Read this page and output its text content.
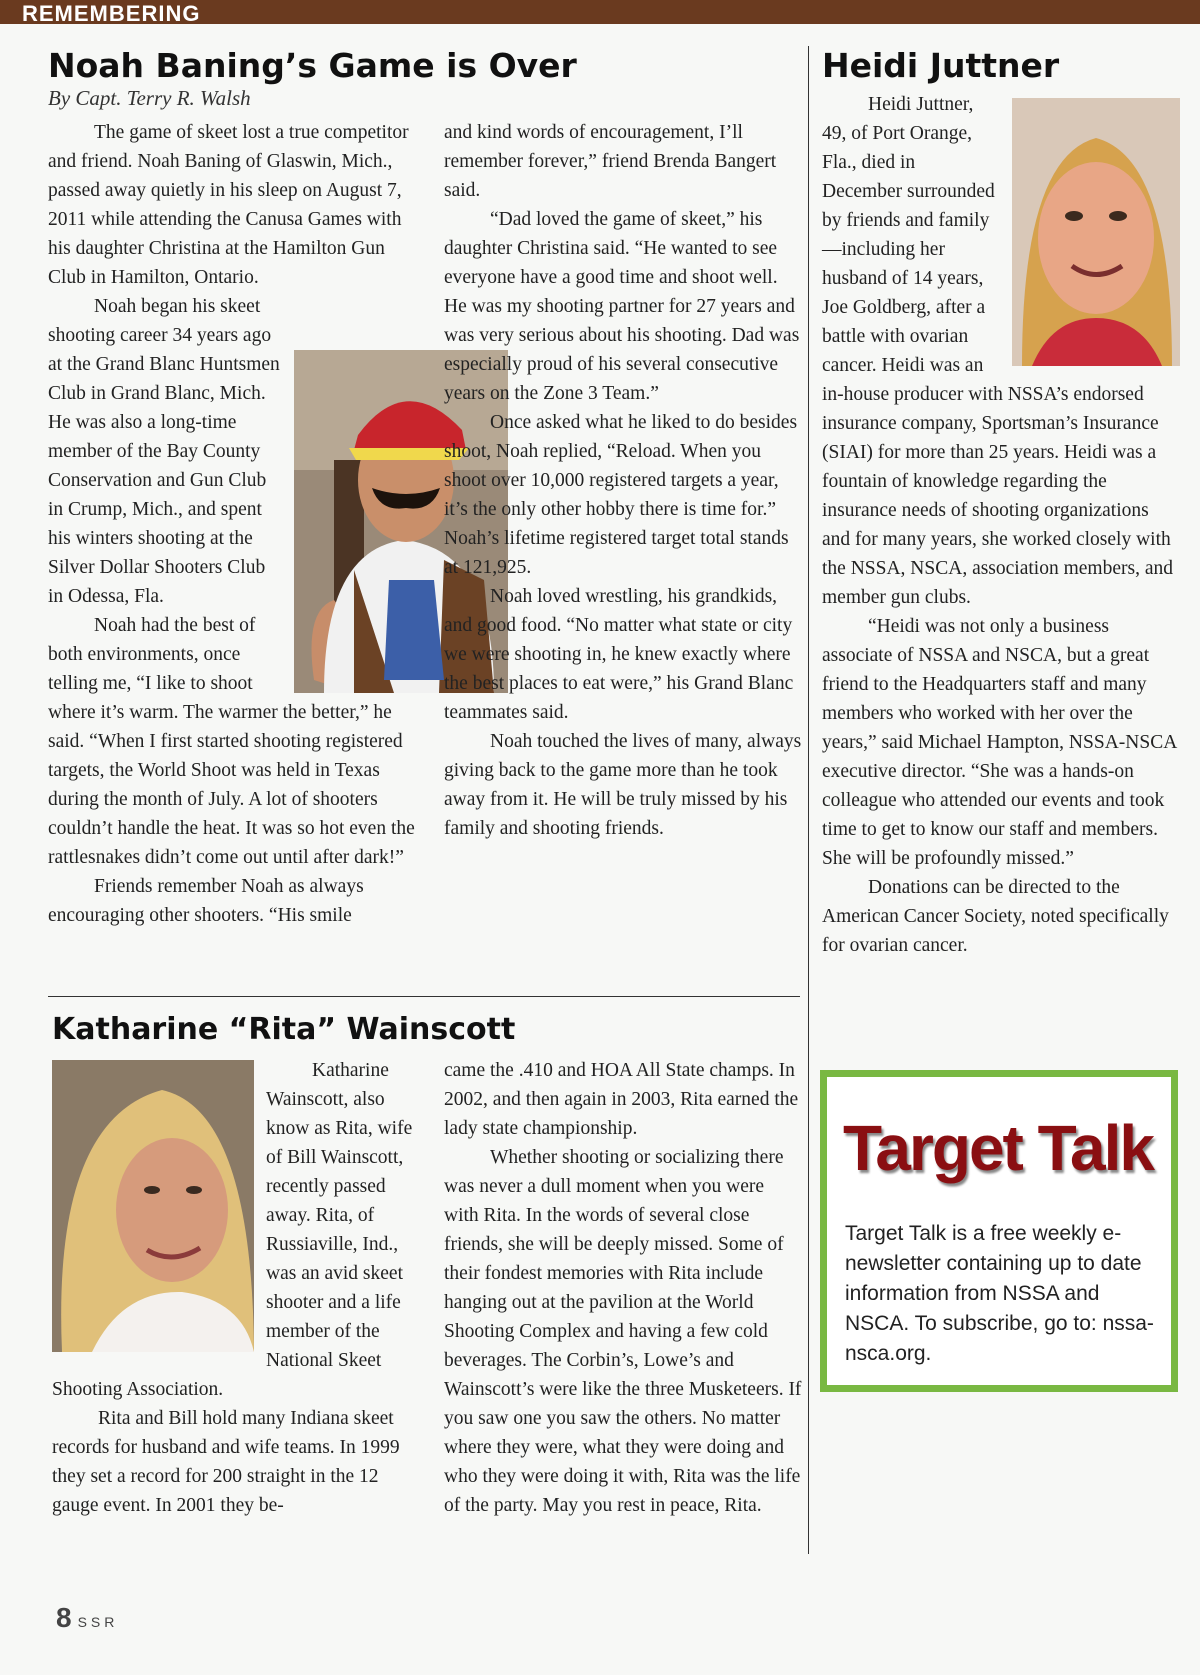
REMEMBERING
Noah Baning’s Game is Over
By Capt. Terry R. Walsh

The game of skeet lost a true competitor and friend. Noah Baning of Glaswin, Mich., passed away quietly in his sleep on August 7, 2011 while attending the Canusa Games with his daughter Christina at the Hamilton Gun Club in Hamilton, Ontario.

Noah began his skeet shooting career 34 years ago at the Grand Blanc Huntsmen Club in Grand Blanc, Mich. He was also a long-time member of the Bay County Conservation and Gun Club in Crump, Mich., and spent his winters shooting at the Silver Dollar Shooters Club in Odessa, Fla.

Noah had the best of both environments, once telling me, “I like to shoot where it’s warm. The warmer the better,” he said. “When I first started shooting registered targets, the World Shoot was held in Texas during the month of July. A lot of shooters couldn’t handle the heat. It was so hot even the rattlesnakes didn’t come out until after dark!”

Friends remember Noah as always encouraging other shooters. “His smile

and kind words of encouragement, I’ll remember forever,” friend Brenda Bangert said.

“Dad loved the game of skeet,” his daughter Christina said. “He wanted to see everyone have a good time and shoot well. He was my shooting partner for 27 years and was very serious about his shooting. Dad was especially proud of his several consecutive years on the Zone 3 Team.”

Once asked what he liked to do besides shoot, Noah replied, “Reload. When you shoot over 10,000 registered targets a year, it’s the only other hobby there is time for.” Noah’s lifetime registered target total stands at 121,925.

Noah loved wrestling, his grandkids, and good food. “No matter what state or city we were shooting in, he knew exactly where the best places to eat were,” his Grand Blanc teammates said.

Noah touched the lives of many, always giving back to the game more than he took away from it. He will be truly missed by his family and shooting friends.

Heidi Juttner

Heidi Juttner, 49, of Port Orange, Fla., died in December surrounded by friends and family—including her husband of 14 years, Joe Goldberg, after a battle with ovarian cancer. Heidi was an in-house producer with NSSA’s endorsed insurance company, Sportsman’s Insurance (SIAI) for more than 25 years. Heidi was a fountain of knowledge regarding the insurance needs of shooting organizations and for many years, she worked closely with the NSSA, NSCA, association members, and member gun clubs.

“Heidi was not only a business associate of NSSA and NSCA, but a great friend to the Headquarters staff and many members who worked with her over the years,” said Michael Hampton, NSSA-NSCA executive director. “She was a hands-on colleague who attended our events and took time to get to know our staff and members. She will be profoundly missed.”

Donations can be directed to the American Cancer Society, noted specifically for ovarian cancer.

Katharine “Rita” Wainscott

Katharine Wainscott, also know as Rita, wife of Bill Wainscott, recently passed away. Rita, of Russiaville, Ind., was an avid skeet shooter and a life member of the National Skeet Shooting Association.

Rita and Bill hold many Indiana skeet records for husband and wife teams. In 1999 they set a record for 200 straight in the 12 gauge event. In 2001 they be-

came the .410 and HOA All State champs. In 2002, and then again in 2003, Rita earned the lady state championship.

Whether shooting or socializing there was never a dull moment when you were with Rita. In the words of several close friends, she will be deeply missed. Some of their fondest memories with Rita include hanging out at the pavilion at the World Shooting Complex and having a few cold beverages. The Corbin’s, Lowe’s and Wainscott’s were like the three Musketeers. If you saw one you saw the others. No matter where they were, what they were doing and who they were doing it with, Rita was the life of the party. May you rest in peace, Rita.

Target Talk
Target Talk is a free weekly e-newsletter containing up to date information from NSSA and NSCA. To subscribe, go to: nssa-nsca.org.
8 SSR
